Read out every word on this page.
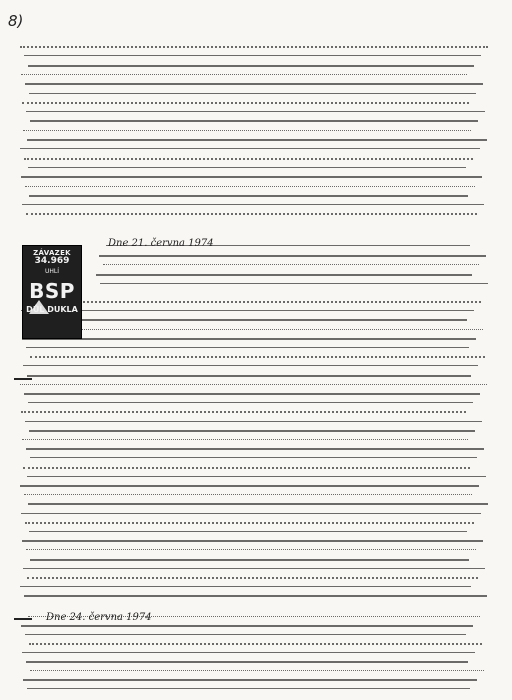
8)
ZÁVAZEK
34.969
UHLÍ
BSP
DŮL DUKLA
Dne 21. června 1974
Dne 24. června 1974
